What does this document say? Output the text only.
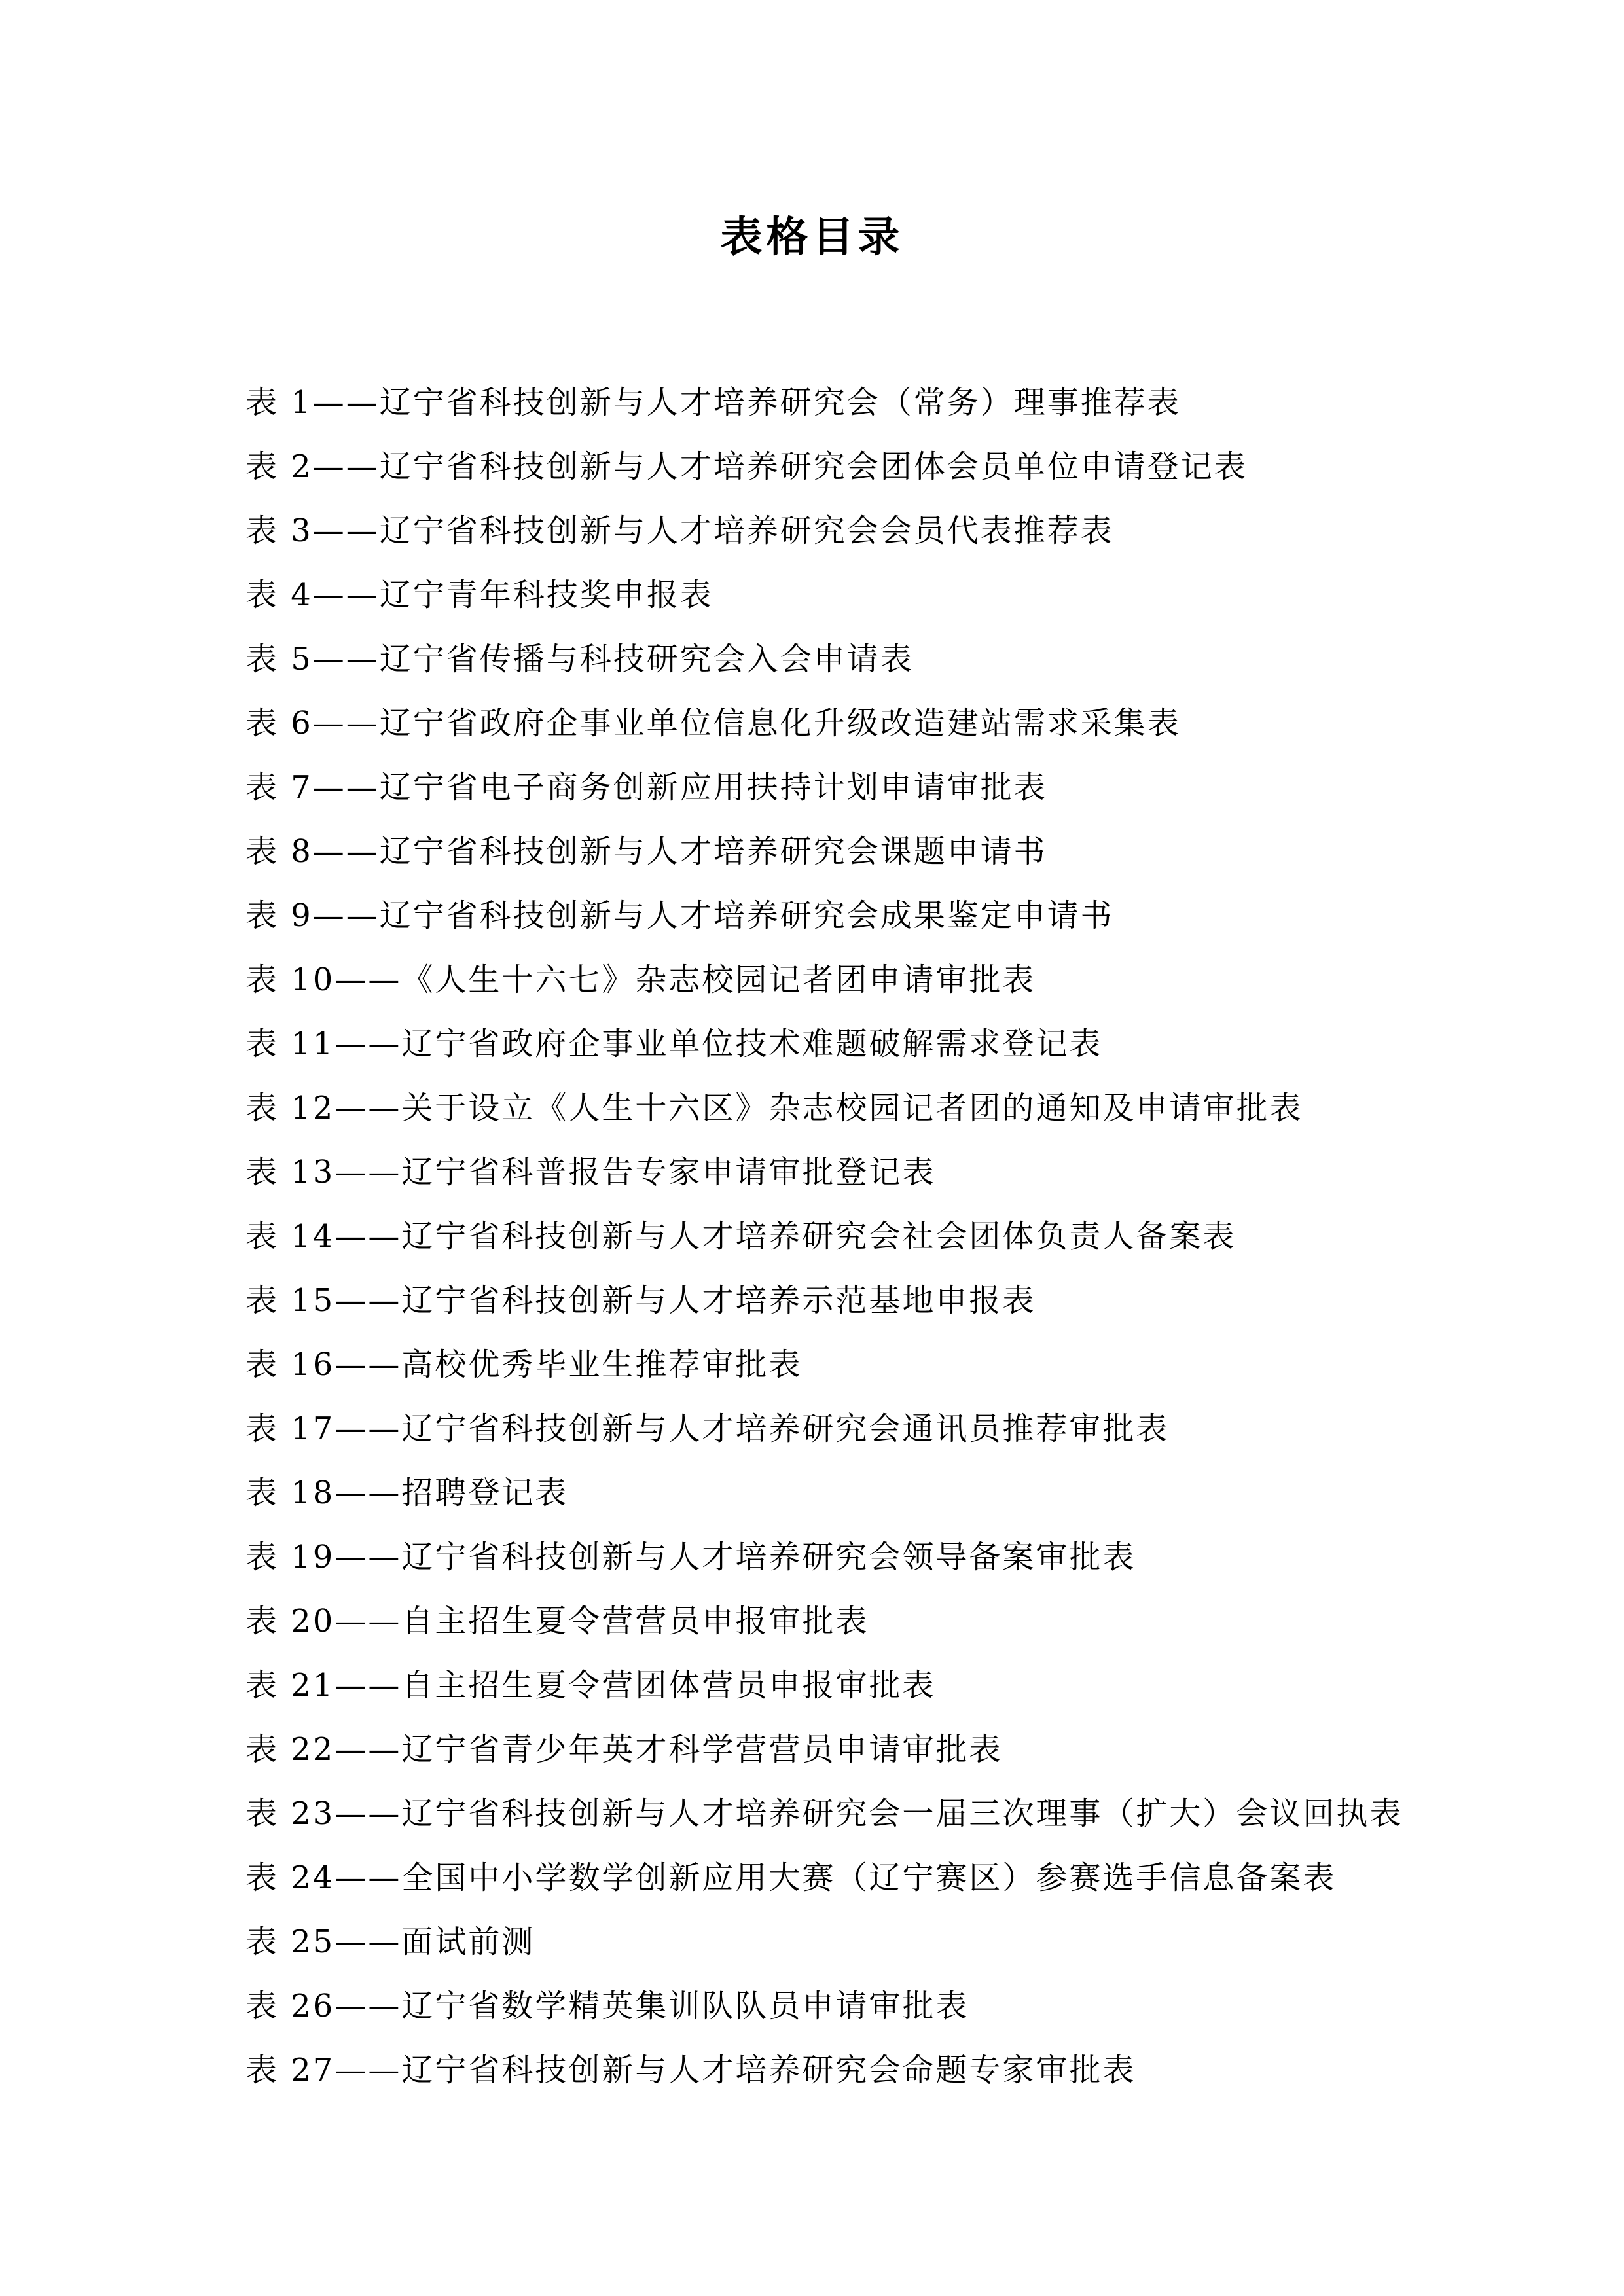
表格目录
表 1——辽宁省科技创新与人才培养研究会（常务）理事推荐表
表 2——辽宁省科技创新与人才培养研究会团体会员单位申请登记表
表 3——辽宁省科技创新与人才培养研究会会员代表推荐表
表 4——辽宁青年科技奖申报表
表 5——辽宁省传播与科技研究会入会申请表
表 6——辽宁省政府企事业单位信息化升级改造建站需求采集表
表 7——辽宁省电子商务创新应用扶持计划申请审批表
表 8——辽宁省科技创新与人才培养研究会课题申请书
表 9——辽宁省科技创新与人才培养研究会成果鉴定申请书
表 10——《人生十六七》杂志校园记者团申请审批表
表 11——辽宁省政府企事业单位技术难题破解需求登记表
表 12——关于设立《人生十六区》杂志校园记者团的通知及申请审批表
表 13——辽宁省科普报告专家申请审批登记表
表 14——辽宁省科技创新与人才培养研究会社会团体负责人备案表
表 15——辽宁省科技创新与人才培养示范基地申报表
表 16——高校优秀毕业生推荐审批表
表 17——辽宁省科技创新与人才培养研究会通讯员推荐审批表
表 18——招聘登记表
表 19——辽宁省科技创新与人才培养研究会领导备案审批表
表 20——自主招生夏令营营员申报审批表
表 21——自主招生夏令营团体营员申报审批表
表 22——辽宁省青少年英才科学营营员申请审批表
表 23——辽宁省科技创新与人才培养研究会一届三次理事（扩大）会议回执表
表 24——全国中小学数学创新应用大赛（辽宁赛区）参赛选手信息备案表
表 25——面试前测
表 26——辽宁省数学精英集训队队员申请审批表
表 27——辽宁省科技创新与人才培养研究会命题专家审批表
